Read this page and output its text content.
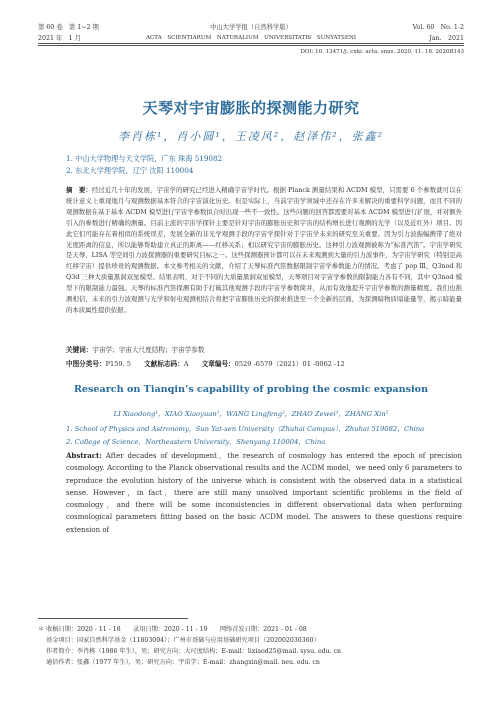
第 60 卷　第 1~2 期
2021 年　1 月
中山大学学报（自然科学版）
ACTA　SCIENTIARUM　NATURALIUM　UNIVERSITATIS　SUNYATSENI
Vol. 60　No. 1-2
Jan.　2021
DOI: 10. 13471/j. cnki. acta. snus. 2020. 11. 18. 2020B143
天琴对宇宙膨胀的探测能力研究
李肖栋¹，肖小圆¹，王凌风²，赵泽伟²，张鑫²
1. 中山大学物理与天文学院，广东 珠海 519082
2. 东北大学理学院，辽宁 沈阳 110004
摘　要：经过近几十年的发展，宇宙学的研究已经进入精确宇宙学时代。根据 Planck 测量结果和 ΛCDM 模型，只需要 6 个参数就可以在统计意义上重现地月与观测数据基本符合的宇宙演化历史。但是实际上，当前宇宙学领域中还存在许多来解决的重要科学问题，而且不同的观测数据在基于基本 ΛCDM 模型进行宇宙学参数拟合时出现一些不一致性。这些问题的回答都需要对基本 ΛCDM 模型进行扩展，并对额外引入的参数进行精确的测量。目前主流的宇宙学探针主要是针对宇宙的膨胀历史和宇宙的结构增长进行观测的光学（以及近红外）项目。因此它们可能存在着相似的系统误差，发展全新的非光学观测手段的宇宙学探针对于宇宙学未来的研究至关重要。因为引力波振幅携带了绝对光度距离的信息，所以能够帮助建立真正的距离——红移关系；相以研究宇宙的膨胀历史。这种引力波观测被称为“标准汽笛”。宇宙学研究是天琴、LISA 等空间引力波探测器的重要研究目标之一。这些探测器预计都可以在未来观测到大量的引力波事件，为宇宙学研究（特别是高红移宇宙）提供珍贵的观测数据。本文参考相关的文献，介绍了天琴标准汽笛数据限制宇宙学参数能力的情况。考虑了 pop Ⅲ、Q3nod 和 Q3d 三种大质量黑洞双星模型。结果表明，对于不同的大质量黑洞双星模型，天琴项目对宇宙学参数的限制能力各有不同，其中 Q3nod 模型下的限制能力最强。天琴的标准汽笛探测有助于打破其他观测手段的宇宙学参数简并，从而有效地提升宇宙学参数的测量精度。我们也推测相信，未来的引力波观测与光学和射电观测相结合将把宇宙膨胀历史的探索推进至一个全新的层面，为探测暗物质暗能量等，揭示暗能量的本质属性提供依据。
关键词：宇宙学；宇宙大尺度结构；宇宙学参数
中图分类号：P159. 5　　 文献标志码：A　　 文章编号：0529 -6579（2021）01 -0062 -12
Research on Tianqin’s capability of probing the cosmic expansion
LI Xiaodong¹，XIAO Xiaoyuan¹，WANG Lingfeng²，ZHAO Zewei²，ZHANG Xin²
1. School of Physics and Astronomy，Sun Yat-sen University（Zhuhai Campus），Zhuhai 519082，China
2. College of Science，Northeastern University，Shenyang 110004，China
Abstract: After decades of development，the research of cosmology has entered the epoch of precision cosmology. According to the Planck observational results and the ΛCDM model，we need only 6 parameters to reproduce the evolution history of the universe which is consistent with the observed data in a statistical sense. However，in fact，there are still many unsolved important scientific problems in the field of cosmology，and there will be some inconsistencies in different observational data when performing cosmological parameters fitting based on the basic ΛCDM model. The answers to these questions require extension of
＊ 收稿日期：2020 - 11 - 18　　录用日期：2020 - 11 - 19　　网络首发日期：2021 - 01 - 08
基金项目：国家自然科学基金（11803094）；广州市基础与应用基础研究项目（202002030360）
作者简介：李肖栋（1986 年生），男；研究方向：大尺度结构；E-mail：lixiaod25@mail. sysu. edu. cn
通信作者：张鑫（1977 年生），男；研究方向：宇宙学；E-mail：zhangxin@mail. neu. edu. cn
